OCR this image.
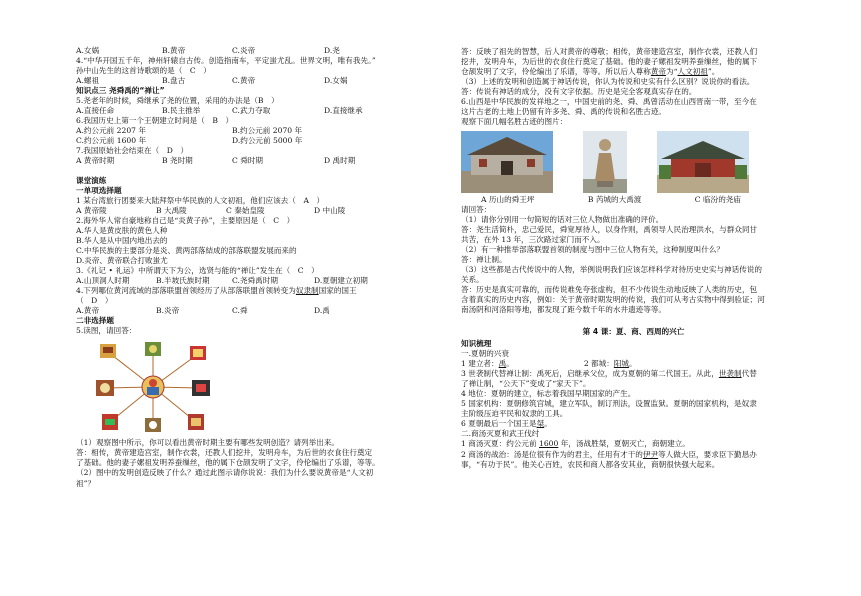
A.女娲	B.黄帝	C.炎帝	D.尧

4.“中华开国五千年，神州轩辕自古传。创造指南车，平定蚩尤乱。世界文明，唯有我先。”

孙中山先生的这首诗歌颂的是（　C　）

A.螺祖	B.盘古	C.黄帝	D.女娲

知识点三 尧舜禹的“禅让”

5.尧老年的时候，舜继承了尧的位置，采用的办法是（B　）

A.直接任命	B.民主推举	C.武力夺取	D.直接继承

6.我国历史上第一个王朝建立时间是（　B　）

A.约公元前 2207 年	B.约公元前 2070 年

C.约公元前 1600 年	D.约公元前 5000 年

7.我国原始社会结束在（　D　）

A 黄帝时期	B 尧时期	C 舜时期	D 禹时期

课堂演练

一单项选择题

1 某台湾旅行团要来大陆拜祭中华民族的人文初祖，他们应该去（　A　）

A 黄帝陵	B 大禹陵	C 秦始皇陵	D 中山陵

2.海外华人常自豪地称自己是“炎黄子孙”，主要原因是（　C　）

A.华人是黄皮肤的黄色人种

B.华人是从中国内地出去的

C.中华民族的主要部分是炎、黄两部落結成的部落联盟发展而来的

D.炎帝、黄帝联合打败蚩尤

3.《礼记 • 礼运》中所谓天下为公，选贤与能的“禅让”发生在（　C　）

A.山顶洞人时期	B.半坡氏族时期	C.尧舜禹时期	D.夏朝建立初期

4.下列哪位黄河流域的部落联盟首领经历了从部落联盟首领转变为奴隶制国家的国王

（　D　）

A.黄帝	B.炎帝	C.舜	D.禹

二非选择题

5.读图，请回答：

（1）观察图中所示，你可以看出黄帝时期主要有哪些发明创造？请列举出来。

答：相传，黄帝建造宫室，制作衣裳，还教人们挖井，发明舟车，为后世的衣食住行奠定

了基础。他的妻子嫘祖发明养蚕缫丝，他的属下仓颉发明了文字，伶伦编出了乐谱，等等。

（2）图中的发明创造反映了什么？通过此图示请你说说：我们为什么要说黄帝是“人文初

祖”？

答：反映了祖先的智慧，后人对黄帝的尊敬；相传，黄帝建造宫室，制作衣裳，还教人们

挖井，发明舟车，为后世的衣食住行奠定了基础。他的妻子嫘祖发明养蚕缫丝，他的属下

仓颉发明了文字，伶伦编出了乐谱，等等。所以后人尊称黄帝为“人文初祖”。

（3）上述的发明和创造属于神话传说，你认为传说和史实有什么区别？说说你的看法。

答：传说有神话的成分，没有文字依据。历史是完全客观真实存在的。

6.山西是中华民族的发祥地之一，中国史前的尧、舜、禹曾活动在山西晋南一带，至今在

这片古老的土地上仍留有许多尧、舜、禹的传说和名胜古迹。

观察下面几幅名胜古迹的图片：

A 历山的舜王坪	B 芮城的大禹渡	C 临汾的尧庙

请回答：

（1）请你分别用一句简短的话对三位人物做出准确的评价。

答：尧生活简朴，忠己爱民，舜宽厚待人，以身作则，禹领导人民治理洪水，与群众同甘

共苦，在外 13 年，三次路过家门而不入。

（2）有一种推举部落联盟首领的制度与图中三位人物有关，这种制度叫什么？

答：禅让制。

（3）这些都是古代传说中的人物，举例说明我们应该怎样科学对待历史史实与神话传说的

关系。

答：历史是真实可靠的，而传说难免夸张虚构，但不少传说生动地反映了人类的历史，包

含着真实的历史内容，例如：关于黄帝时期发明的传说，我们可从考古实物中得到验证；河

南汤阴和河洛阳等地，都发现了距今数千年的水井遗迹等等。

第 4 课：夏、商、西周的兴亡

知识梳理

一.夏朝的兴衰

1 建立者：禹。	2 都城：阳城。

3 世袭制代替禅让制：禹死后，启继承父位，成为夏朝的第二代国王。从此，世袭制代替

了禅让制，“公天下”变成了“家天下”。

4 地位：夏朝的建立，标志着我国早期国家的产生。

5 国家机构：夏朝修筑宫城，建立军队，制订刑法，设置监狱。夏朝的国家机构，是奴隶

主阶级压迫平民和奴隶的工具。

6 夏朝最后一个国王是桀。

二.商汤灭夏和武王伐纣

1 商汤灭夏：约公元前 1600 年，汤战胜桀，夏朝灭亡，商朝建立。

2 商汤的战治：汤是位很有作为的君主，任用有才干的伊尹等人做大臣，要求臣下勤恳办

事，“有功于民”。他关心百姓，农民和商人都各安其业，商朝很快强大起来。
